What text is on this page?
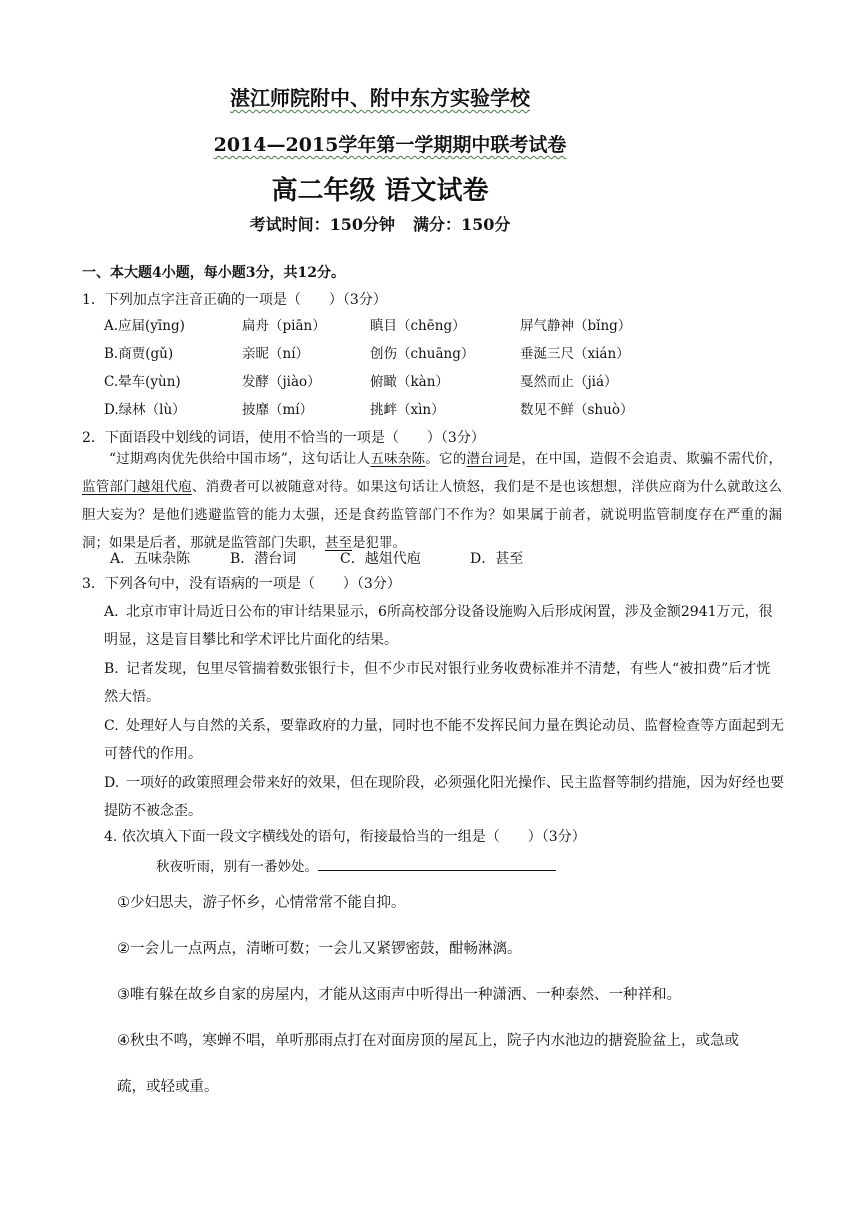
湛江师院附中、附中东方实验学校
2014—2015学年第一学期期中联考试卷
高二年级 语文试卷
考试时间：150分钟 满分：150分
一、本大题4小题，每小题3分，共12分。
1．下列加点字注音正确的一项是（　　）（3分）
A.应届(yīng)	扁舟（piān）	瞋目（chēng）	屏气静神（bǐng）
B.商贾(gǔ)	亲昵（ní）	创伤（chuāng）	垂涎三尺（xián）
C.晕车(yùn)	发酵（jiào）	俯瞰（kàn）	戛然而止（jiá）
D.绿林（lù）	披靡（mí）	挑衅（xìn）	数见不鲜（shuò）
2．下面语段中划线的词语，使用不恰当的一项是（　　）（3分）
“过期鸡肉优先供给中国市场”，这句话让人五味杂陈。它的潜台词是，在中国，造假不会追责、欺骗不需代价，监管部门越俎代庖、消费者可以被随意对待。如果这句话让人愤怒，我们是不是也该想想，洋供应商为什么就敢这么胆大妄为？是他们逃避监管的能力太强，还是食药监管部门不作为？如果属于前者，就说明监管制度存在严重的漏洞；如果是后者，那就是监管部门失职，甚至是犯罪。
A．五味杂陈	B．潜台词	C．越俎代庖	D．甚至
3．下列各句中，没有语病的一项是（　　）（3分）
A. 北京市审计局近日公布的审计结果显示，6所高校部分设备设施购入后形成闲置，涉及金额2941万元，很明显，这是盲目攀比和学术评比片面化的结果。
B. 记者发现，包里尽管揣着数张银行卡，但不少市民对银行业务收费标准并不清楚，有些人“被扣费”后才恍然大悟。
C. 处理好人与自然的关系，要靠政府的力量，同时也不能不发挥民间力量在舆论动员、监督检查等方面起到无可替代的作用。
D. 一项好的政策照理会带来好的效果，但在现阶段，必须强化阳光操作、民主监督等制约措施，因为好经也要提防不被念歪。
4. 依次填入下面一段文字横线处的语句，衔接最恰当的一组是（　　）（3分）
秋夜听雨，别有一番妙处。
①少妇思夫，游子怀乡，心情常常不能自抑。
②一会儿一点两点，清晰可数；一会儿又紧锣密鼓，酣畅淋漓。
③唯有躲在故乡自家的房屋内，才能从这雨声中听得出一种潇洒、一种泰然、一种祥和。
④秋虫不鸣，寒蝉不唱，单听那雨点打在对面房顶的屋瓦上，院子内水池边的搪瓷脸盆上，或急或
疏，或轻或重。
